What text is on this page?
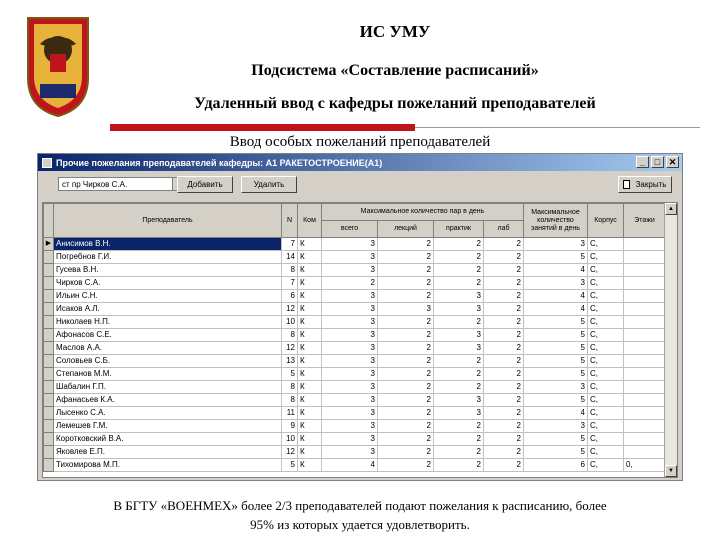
ИС УМУ
Подсистема «Составление расписаний»
Удаленный ввод с кафедры пожеланий преподавателей
Ввод особых пожеланий преподавателей
Прочие пожелания преподавателей кафедры: А1 РАКЕТОСТРОЕНИЕ(А1)	_	□ ✕
ст пр Чирков С.А.	Добавить	Удалить	Закрыть
	Преподаватель	N	Ком	Максимальное количество пар в день				Максимальное количество занятий в день	Корпус	Этажи
				всего	лекций	практик	лаб			
▶	Анисимов В.Н.	7	К	3	2	2	2	3	С,	
	Погребнов Г.И.	14	К	3	2	2	2	5	С,	
	Гусева В.Н.	8	К	3	2	2	2	4	С,	
	Чирков С.А.	7	К	2	2	2	2	3	С,	
	Ильин С.Н.	6	К	3	2	3	2	4	С,	
	Исаков А.Л.	12	К	3	3	3	2	4	С,	
	Николаев Н.П.	10	К	3	2	2	2	5	С,	
	Афонасов С.Е.	8	К	3	2	3	2	5	С,	
	Маслов А.А.	12	К	3	2	3	2	5	С,	
	Соловьев С.Б.	13	К	3	2	2	2	5	С,	
	Степанов М.М.	5	К	3	2	2	2	5	С,	
	Шабалин Г.П.	8	К	3	2	2	2	3	С,	
	Афанасьев К.А.	8	К	3	2	3	2	5	С,	
	Лысенко С.А.	11	К	3	2	3	2	4	С,	
	Лемешев Г.М.	9	К	3	2	2	2	3	С,	
	Коротковский В.А.	10	К	3	2	2	2	5	С,	
	Яковлев Е.П.	12	К	3	2	2	2	5	С,	
	Тихомирова М.П.	5	К	4	2	2	2	6	С,	0,
▲
▼
В БГТУ «ВОЕНМЕХ» более 2/3 преподавателей подают пожелания к расписанию, более
95% из которых удается удовлетворить.
